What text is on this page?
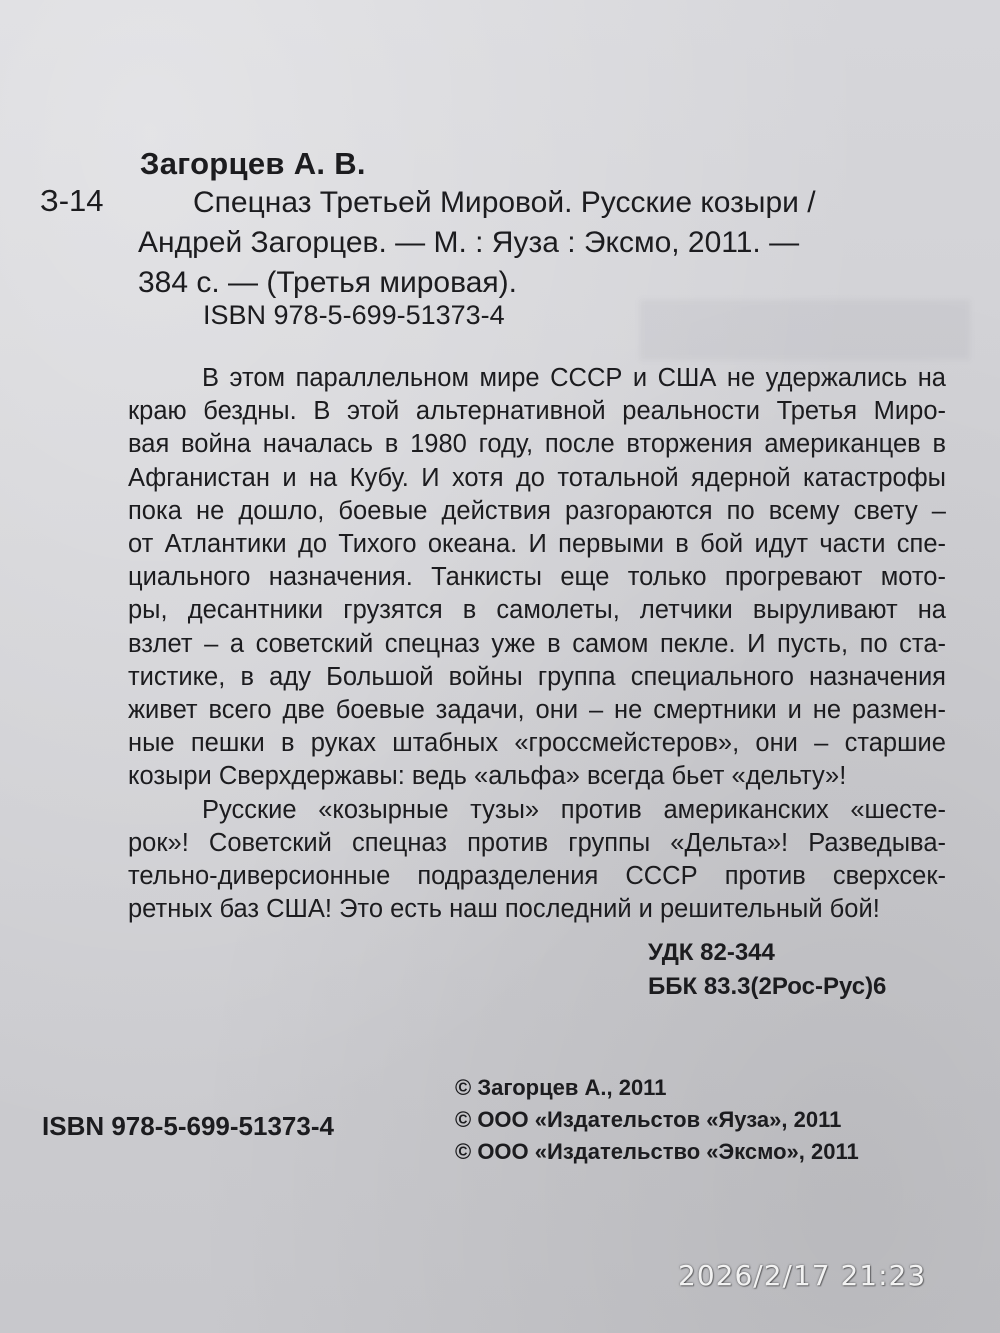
Загорцев А. В.
З-14	Спецназ Третьей Мировой. Русские козыри /

Андрей Загорцев. — М. : Яуза : Эксмо, 2011. —

384 с. — (Третья мировая).

ISBN 978-5-699-51373-4

В этом параллельном мире СССР и США не удержались на

краю бездны. В этой альтернативной реальности Третья Миро-

вая война началась в 1980 году, после вторжения американцев в

Афганистан и на Кубу. И хотя до тотальной ядерной катастрофы

пока не дошло, боевые действия разгораются по всему свету –

от Атлантики до Тихого океана. И первыми в бой идут части спе-

циального назначения. Танкисты еще только прогревают мото-

ры, десантники грузятся в самолеты, летчики выруливают на

взлет – а советский спецназ уже в самом пекле. И пусть, по ста-

тистике, в аду Большой войны группа специального назначения

живет всего две боевые задачи, они – не смертники и не размен-

ные пешки в руках штабных «гроссмейстеров», они – старшие

козыри Сверхдержавы: ведь «альфа» всегда бьет «дельту»!

Русские «козырные тузы» против американских «шесте-

рок»! Советский спецназ против группы «Дельта»! Разведыва-

тельно-диверсионные подразделения СССР против сверхсек-

ретных баз США! Это есть наш последний и решительный бой!

УДК 82-344
ББК 83.3(2Рос-Рус)6
© Загорцев А., 2011
© ООО «Издательстов «Яуза», 2011
© ООО «Издательство «Эксмо», 2011
ISBN 978-5-699-51373-4
2026/2/17 21:23
